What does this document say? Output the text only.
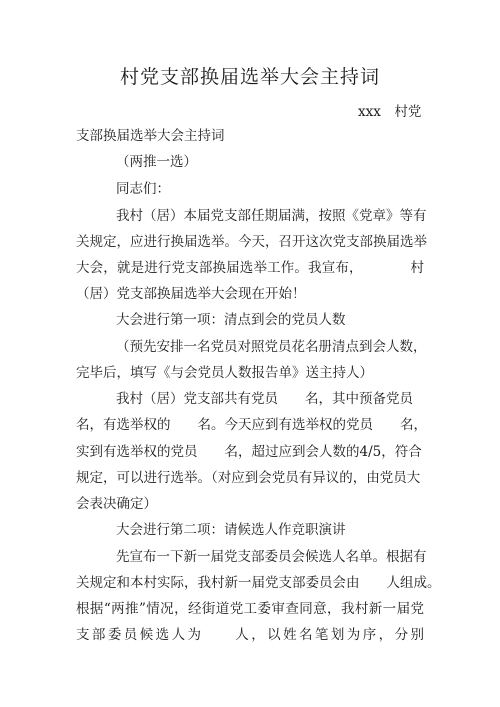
村党支部换届选举大会主持词
xxx　村党
支部换届选举大会主持词
（两推一选）
同志们：
我村（居）本届党支部任期届满，按照《党章》等有
关规定，应进行换届选举。今天，召开这次党支部换届选举
大会，就是进行党支部换届选举工作。我宣布，　　　　村
（居）党支部换届选举大会现在开始！
大会进行第一项：清点到会的党员人数
（预先安排一名党员对照党员花名册清点到会人数，
完毕后，填写《与会党员人数报告单》送主持人）
我村（居）党支部共有党员　　名，其中预备党员
名，有选举权的　　名。今天应到有选举权的党员　　名，
实到有选举权的党员　　名，超过应到会人数的4/5，符合
规定，可以进行选举。（对应到会党员有异议的，由党员大
会表决确定）
大会进行第二项：请候选人作竞职演讲
先宣布一下新一届党支部委员会候选人名单。根据有
关规定和本村实际，我村新一届党支部委员会由　　人组成。
根据“两推”情况，经街道党工委审查同意，我村新一届党
支部委员候选人为　　人，以姓名笔划为序，分别
